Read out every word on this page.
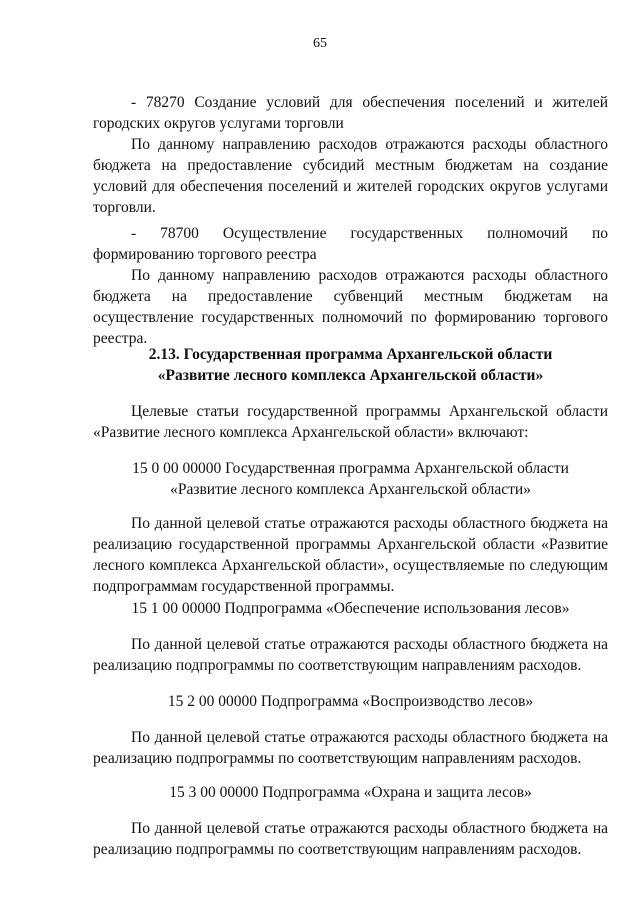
65
- 78270 Создание условий для обеспечения поселений и жителей
городских округов услугами торговли
По данному направлению расходов отражаются расходы областного
бюджета на предоставление субсидий местным бюджетам на создание
условий для обеспечения поселений и жителей городских округов услугами
торговли.
- 78700 Осуществление государственных полномочий по
формированию торгового реестра
По данному направлению расходов отражаются расходы областного
бюджета на предоставление субвенций местным бюджетам на
осуществление государственных полномочий по формированию торгового
реестра.
2.13. Государственная программа Архангельской области
«Развитие лесного комплекса Архангельской области»
Целевые статьи государственной программы Архангельской области
«Развитие лесного комплекса Архангельской области» включают:
15 0 00 00000 Государственная программа Архангельской области
«Развитие лесного комплекса Архангельской области»
По данной целевой статье отражаются расходы областного бюджета на
реализацию государственной программы Архангельской области «Развитие
лесного комплекса Архангельской области», осуществляемые по следующим
подпрограммам государственной программы.
15 1 00 00000 Подпрограмма «Обеспечение использования лесов»
По данной целевой статье отражаются расходы областного бюджета на
реализацию подпрограммы по соответствующим направлениям расходов.
15 2 00 00000 Подпрограмма «Воспроизводство лесов»
По данной целевой статье отражаются расходы областного бюджета на
реализацию подпрограммы по соответствующим направлениям расходов.
15 3 00 00000 Подпрограмма «Охрана и защита лесов»
По данной целевой статье отражаются расходы областного бюджета на
реализацию подпрограммы по соответствующим направлениям расходов.
